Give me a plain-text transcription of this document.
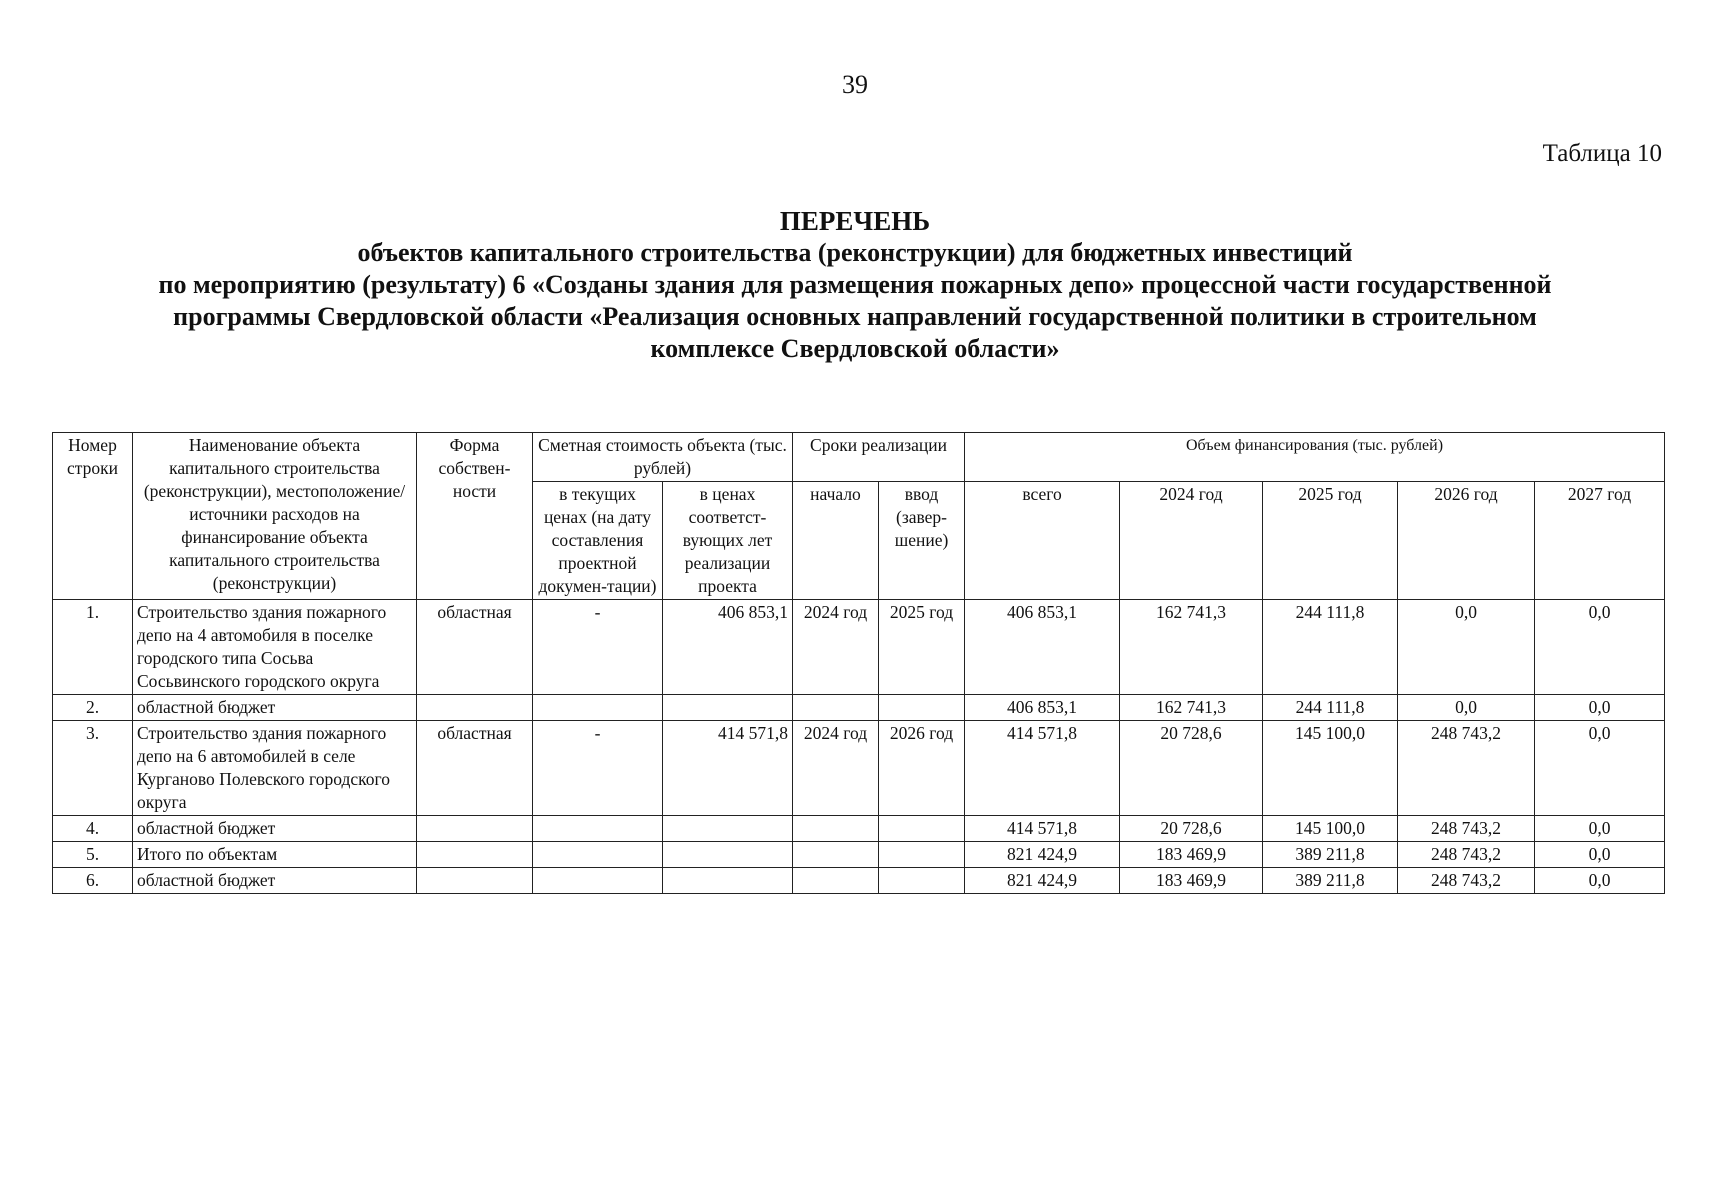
39
Таблица 10
ПЕРЕЧЕНЬ
объектов капитального строительства (реконструкции) для бюджетных инвестиций
по мероприятию (результату) 6 «Созданы здания для размещения пожарных депо» процессной части государственной
программы Свердловской области «Реализация основных направлений государственной политики в строительном
комплексе Свердловской области»
Номер строки	Наименование объекта капитального строительства (реконструкции), местоположение/ источники расходов на финансирование объекта капитального строительства (реконструкции)	Форма собствен-ности	Сметная стоимость объекта (тыс. рублей)		Сроки реализации		Объем финансирования (тыс. рублей)				
			в текущих ценах (на дату составления проектной докумен-тации)	в ценах соответст-вующих лет реализации проекта	начало	ввод (завер-шение)	всего	2024 год	2025 год	2026 год	2027 год
1.	Строительство здания пожарного депо на 4 автомобиля в поселке городского типа Сосьва Сосьвинского городского округа	областная	-	406 853,1	2024 год	2025 год	406 853,1	162 741,3	244 111,8	0,0	0,0
2.	областной бюджет						406 853,1	162 741,3	244 111,8	0,0	0,0
3.	Строительство здания пожарного депо на 6 автомобилей в селе Курганово Полевского городского округа	областная	-	414 571,8	2024 год	2026 год	414 571,8	20 728,6	145 100,0	248 743,2	0,0
4.	областной бюджет						414 571,8	20 728,6	145 100,0	248 743,2	0,0
5.	Итого по объектам						821 424,9	183 469,9	389 211,8	248 743,2	0,0
6.	областной бюджет						821 424,9	183 469,9	389 211,8	248 743,2	0,0
